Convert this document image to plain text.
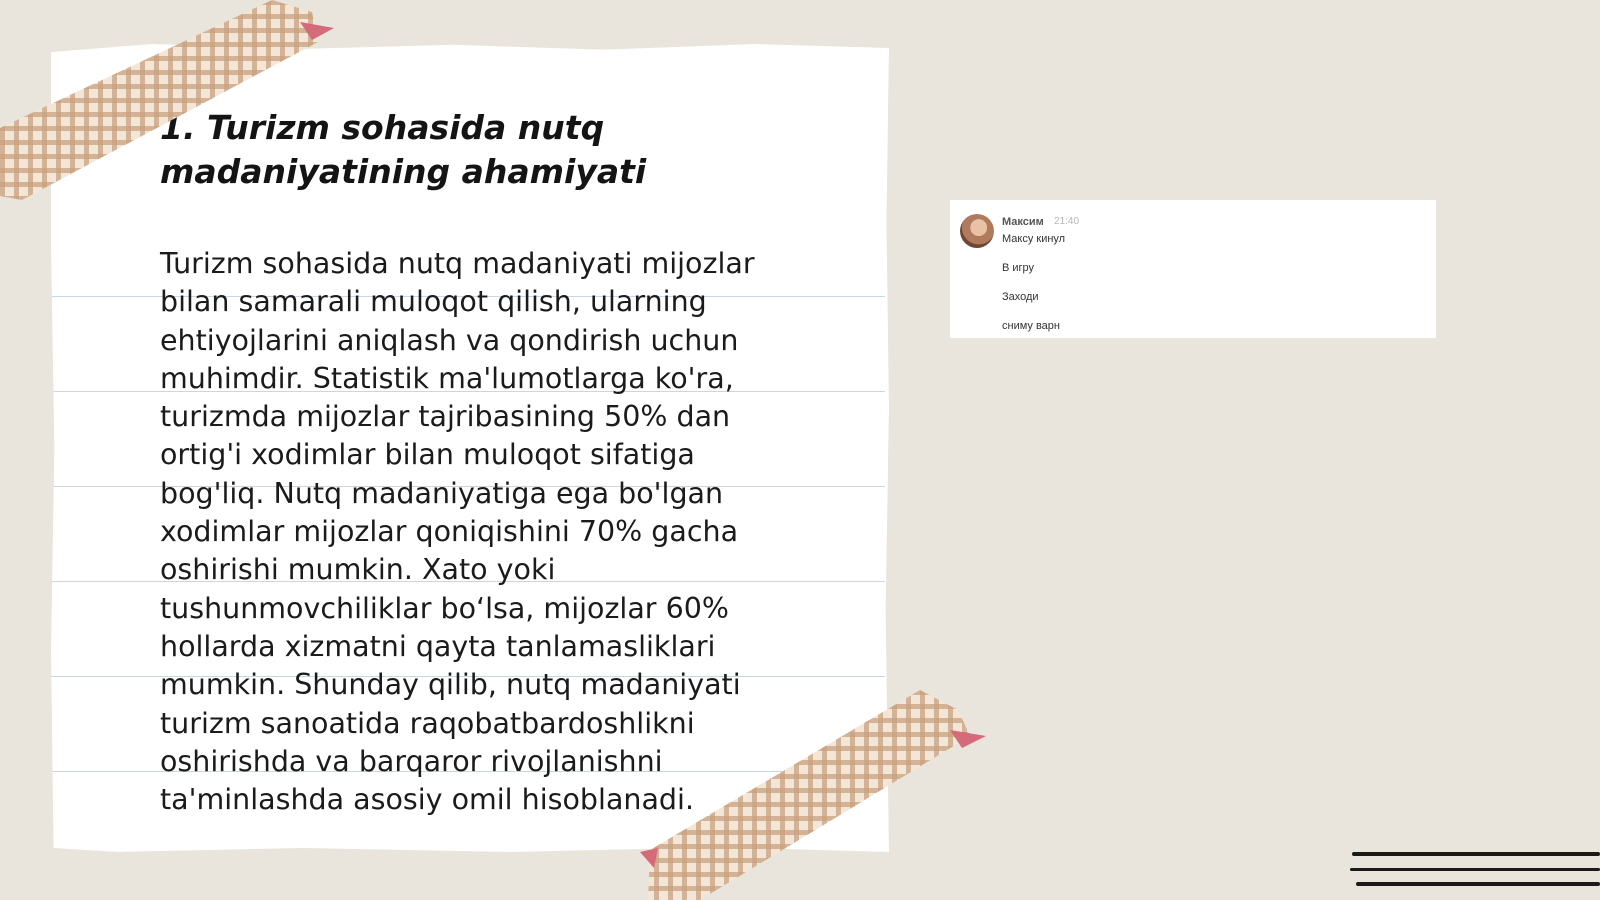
1. Turizm sohasida nutq madaniyatining ahamiyati

Turizm sohasida nutq madaniyati mijozlar
bilan samarali muloqot qilish, ularning
ehtiyojlarini aniqlash va qondirish uchun
muhimdir. Statistik ma'lumotlarga ko'ra,
turizmda mijozlar tajribasining 50% dan
ortig'i xodimlar bilan muloqot sifatiga
bog'liq. Nutq madaniyatiga ega bo'lgan
xodimlar mijozlar qoniqishini 70% gacha
oshirishi mumkin. Xato yoki
tushunmovchiliklar bo‘lsa, mijozlar 60%
hollarda xizmatni qayta tanlamasliklari
mumkin. Shunday qilib, nutq madaniyati
turizm sanoatida raqobatbardoshlikni
oshirishda va barqaror rivojlanishni
ta'minlashda asosiy omil hisoblanadi.

Максим 21:40
Максу кинул
В игру
Заходи
сниму варн
